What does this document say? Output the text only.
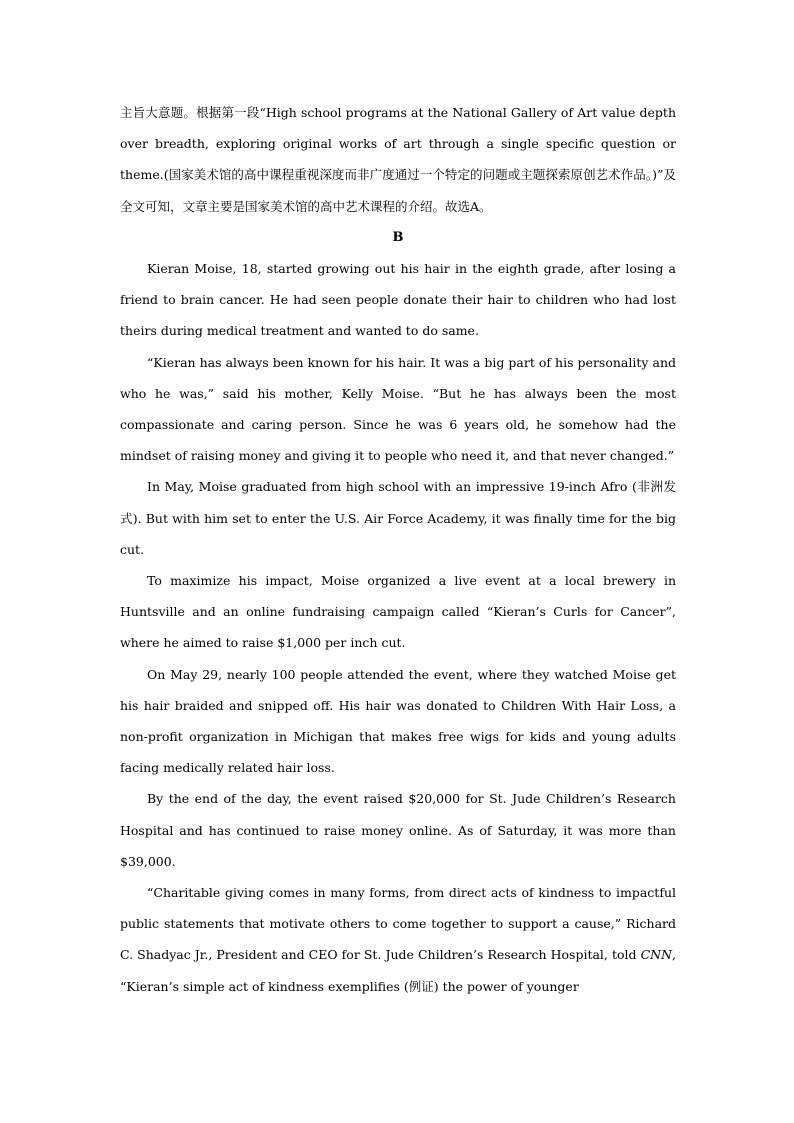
主旨大意题。根据第一段“High school programs at the National Gallery of Art value depth over breadth, exploring original works of art through a single specific question or theme.(国家美术馆的高中课程重视深度而非广度通过一个特定的问题或主题探索原创艺术作品。)”及全文可知，文章主要是国家美术馆的高中艺术课程的介绍。故选A。

B

Kieran Moise, 18, started growing out his hair in the eighth grade, after losing a friend to brain cancer. He had seen people donate their hair to children who had lost theirs during medical treatment and wanted to do same.

“Kieran has always been known for his hair. It was a big part of his personality and who he was,” said his mother, Kelly Moise. “But he has always been the most compassionate and caring person. Since he was 6 years old, he somehow had the mindset of raising money and giving it to people who need it, and that never changed.”

In May, Moise graduated from high school with an impressive 19-inch Afro (非洲发式). But with him set to enter the U.S. Air Force Academy, it was finally time for the big cut.

To maximize his impact, Moise organized a live event at a local brewery in Huntsville and an online fundraising campaign called “Kieran’s Curls for Cancer”, where he aimed to raise $1,000 per inch cut.

On May 29, nearly 100 people attended the event, where they watched Moise get his hair braided and snipped off. His hair was donated to Children With Hair Loss, a non-profit organization in Michigan that makes free wigs for kids and young adults facing medically related hair loss.

By the end of the day, the event raised $20,000 for St. Jude Children’s Research Hospital and has continued to raise money online. As of Saturday, it was more than $39,000.

“Charitable giving comes in many forms, from direct acts of kindness to impactful public statements that motivate others to come together to support a cause,” Richard C. Shadyac Jr., President and CEO for St. Jude Children’s Research Hospital, told CNN, “Kieran’s simple act of kindness exemplifies (例证) the power of younger
